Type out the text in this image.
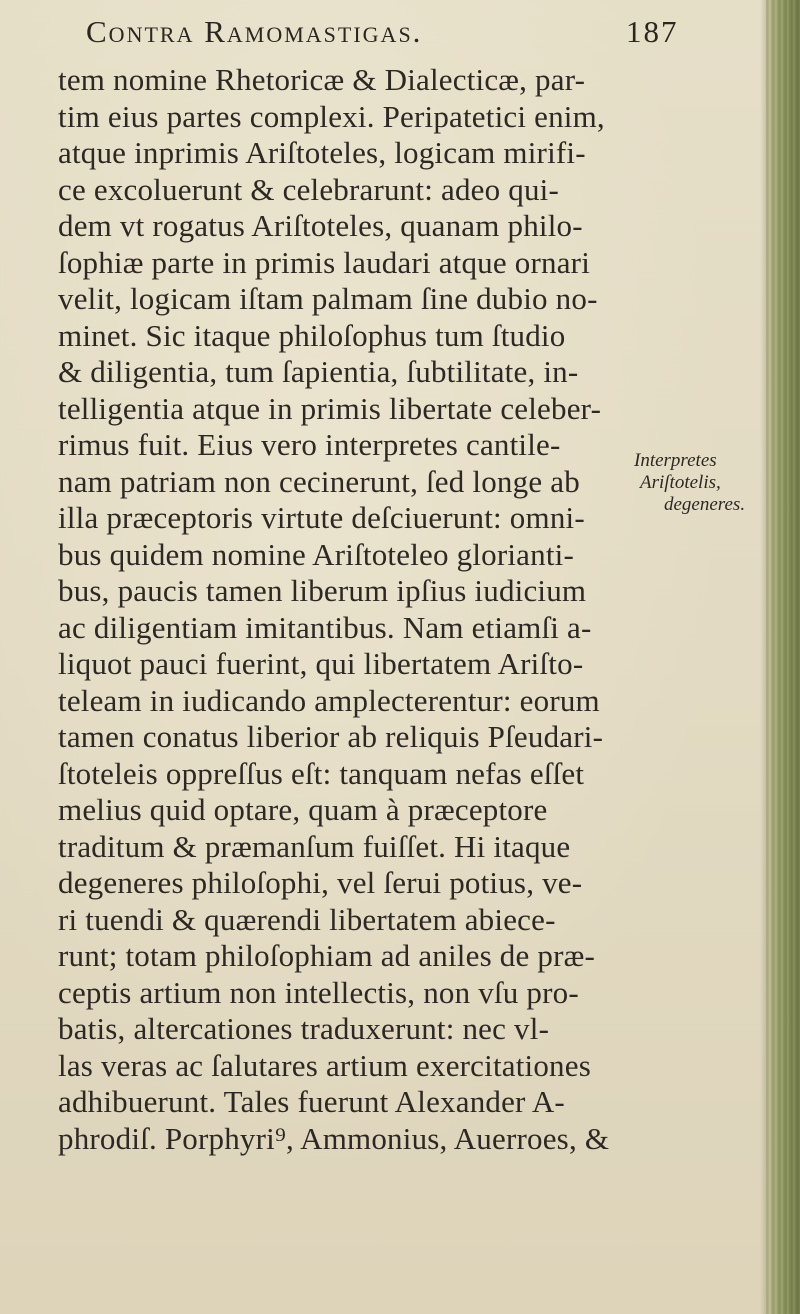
Contra Ramomastigas.	187
tem nomine Rhetoricæ & Dialecticæ, par-
tim eius partes complexi. Peripatetici enim,
atque inprimis Ariſtoteles, logicam mirifi-
ce excoluerunt & celebrarunt: adeo qui-
dem vt rogatus Ariſtoteles, quanam philo-
ſophiæ parte in primis laudari atque ornari
velit, logicam iſtam palmam ſine dubio no-
minet. Sic itaque philoſophus tum ſtudio
& diligentia, tum ſapientia, ſubtilitate, in-
telligentia atque in primis libertate celeber-
rimus fuit. Eius vero interpretes cantile-
nam patriam non cecinerunt, ſed longe ab
illa præceptoris virtute deſciuerunt: omni-
bus quidem nomine Ariſtoteleo glorianti-
bus, paucis tamen liberum ipſius iudicium
ac diligentiam imitantibus. Nam etiamſi a-
liquot pauci fuerint, qui libertatem Ariſto-
teleam in iudicando amplecterentur: eorum
tamen conatus liberior ab reliquis Pſeudari-
ſtoteleis oppreſſus eſt: tanquam nefas eſſet
melius quid optare, quam à præceptore
traditum & præmanſum fuiſſet. Hi itaque
degeneres philoſophi, vel ſerui potius, ve-
ri tuendi & quærendi libertatem abiece-
runt; totam philoſophiam ad aniles de præ-
ceptis artium non intellectis, non vſu pro-
batis, altercationes traduxerunt: nec vl-
las veras ac ſalutares artium exercitationes
adhibuerunt. Tales fuerunt Alexander A-
phrodiſ. Porphyri⁹, Ammonius, Auerroes, &
Interpretes
Ariſtotelis,
degeneres.
